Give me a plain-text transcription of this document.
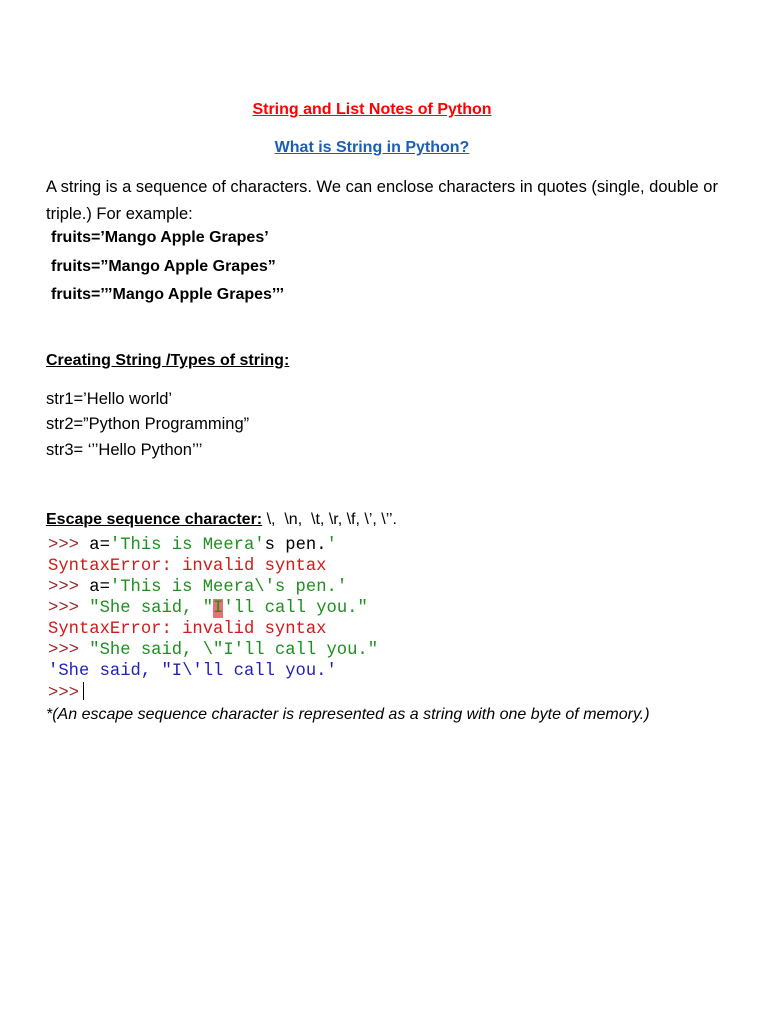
String and List Notes of Python

What is String in Python?

A string is a sequence of characters. We can enclose characters in quotes (single, double or triple.) For example:

fruits=’Mango Apple Grapes’

fruits=”Mango Apple Grapes”

fruits=’’’Mango Apple Grapes’’’

Creating String /Types of string:

str1=’Hello world’

str2=”Python Programming”

str3= ‘’’Hello Python’’’

Escape sequence character: \,  \n,  \t, \r, \f, \’, \’’.

>>> a='This is Meera's pen.'
SyntaxError: invalid syntax
>>> a='This is Meera\'s pen.'
>>> "She said, "I'll call you."
SyntaxError: invalid syntax
>>> "She said, \"I'll call you."
'She said, "I\'ll call you.'
>>>

*(An escape sequence character is represented as a string with one byte of memory.)
